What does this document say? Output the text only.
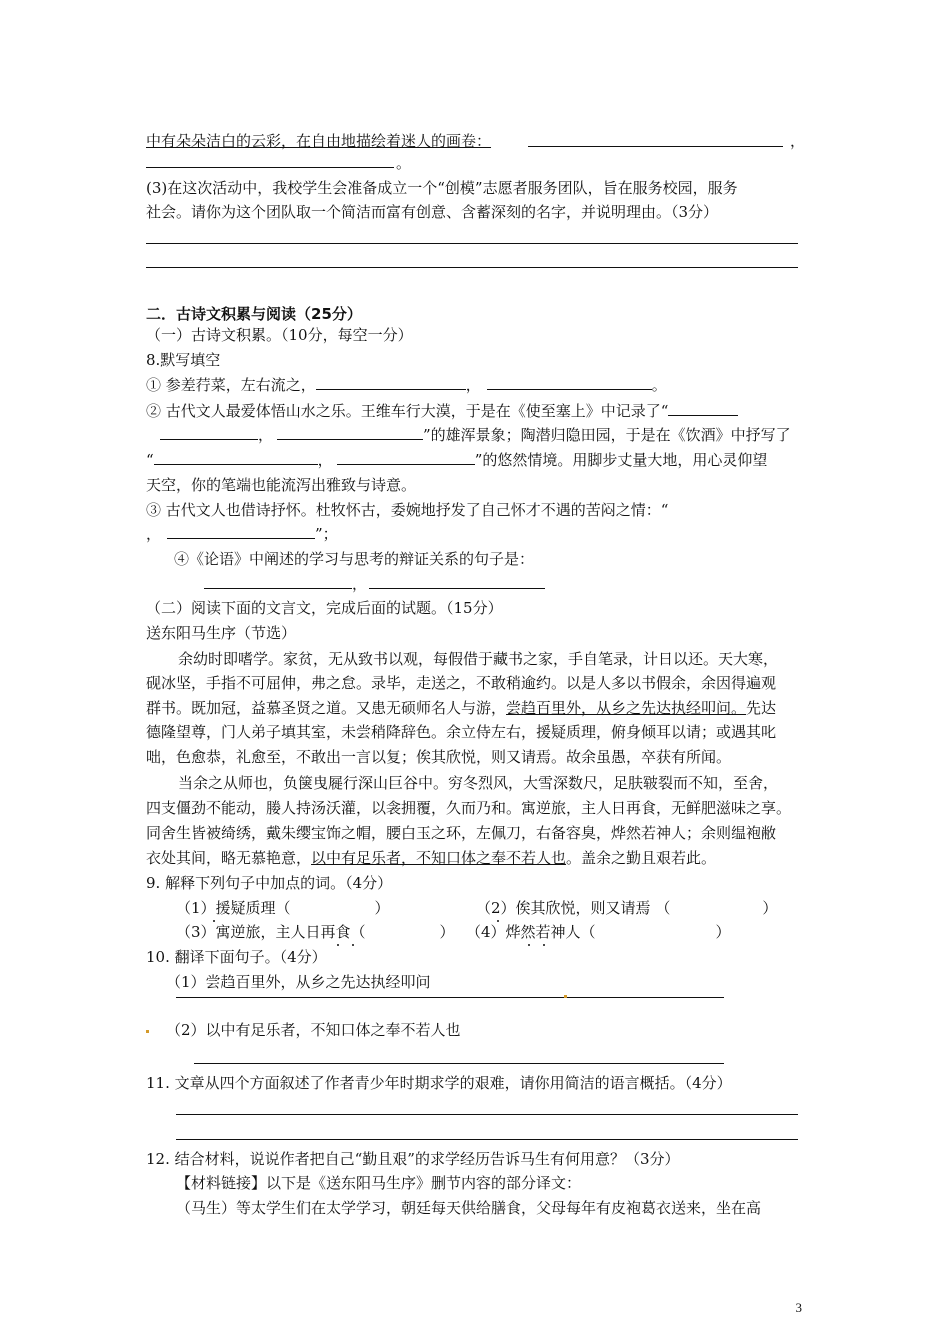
中有朵朵洁白的云彩，在自由地描绘着迷人的画卷：	，
。
(3)在这次活动中，我校学生会准备成立一个“创模”志愿者服务团队，旨在服务校园，服务
社会。请你为这个团队取一个简洁而富有创意、含蓄深刻的名字，并说明理由。（3分）
二．古诗文积累与阅读（25分）
（一）古诗文积累。（10分，每空一分）
8.默写填空
① 参差荇菜，左右流之，	，	。
② 古代文人最爱体悟山水之乐。王维车行大漠，于是在《使至塞上》中记录了“
，	”的雄浑景象；陶潜归隐田园，于是在《饮酒》中抒写了
“	，	”的悠然情境。用脚步丈量大地，用心灵仰望
天空，你的笔端也能流泻出雅致与诗意。
③ 古代文人也借诗抒怀。杜牧怀古，委婉地抒发了自己怀才不遇的苦闷之情：“
，	”；
④《论语》中阐述的学习与思考的辩证关系的句子是：
，
（二）阅读下面的文言文，完成后面的试题。（15分）
送东阳马生序（节选）
余幼时即嗜学。家贫，无从致书以观，每假借于藏书之家，手自笔录，计日以还。天大寒，
砚冰坚，手指不可屈伸，弗之怠。录毕，走送之，不敢稍逾约。以是人多以书假余，余因得遍观
群书。既加冠，益慕圣贤之道。又患无硕师名人与游，尝趋百里外，从乡之先达执经叩问。先达
德隆望尊，门人弟子填其室，未尝稍降辞色。余立侍左右，援疑质理，俯身倾耳以请；或遇其叱
咄，色愈恭，礼愈至，不敢出一言以复；俟其欣悦，则又请焉。故余虽愚，卒获有所闻。
当余之从师也，负箧曳屣行深山巨谷中。穷冬烈风，大雪深数尺，足肤皲裂而不知，至舍，
四支僵劲不能动，媵人持汤沃灌，以衾拥覆，久而乃和。寓逆旅，主人日再食，无鲜肥滋味之享。
同舍生皆被绮绣，戴朱缨宝饰之帽，腰白玉之环，左佩刀，右备容臭，烨然若神人；余则缊袍敝
衣处其间，略无慕艳意，以中有足乐者，不知口体之奉不若人也。盖余之勤且艰若此。
9. 解释下列句子中加点的词。（4分）
（1）援疑质理（	）	（2）俟其欣悦，则又请焉 （	）
（3）寓逆旅，主人日再食（	） （4）烨然若神人（	）
10. 翻译下面句子。（4分）
（1）尝趋百里外，从乡之先达执经叩问
（2）以中有足乐者，不知口体之奉不若人也
11. 文章从四个方面叙述了作者青少年时期求学的艰难，请你用简洁的语言概括。（4分）
12. 结合材料，说说作者把自己“勤且艰”的求学经历告诉马生有何用意？（3分）
【材料链接】以下是《送东阳马生序》删节内容的部分译文：
（马生）等太学生们在太学学习，朝廷每天供给膳食，父母每年有皮袍葛衣送来，坐在高
3
